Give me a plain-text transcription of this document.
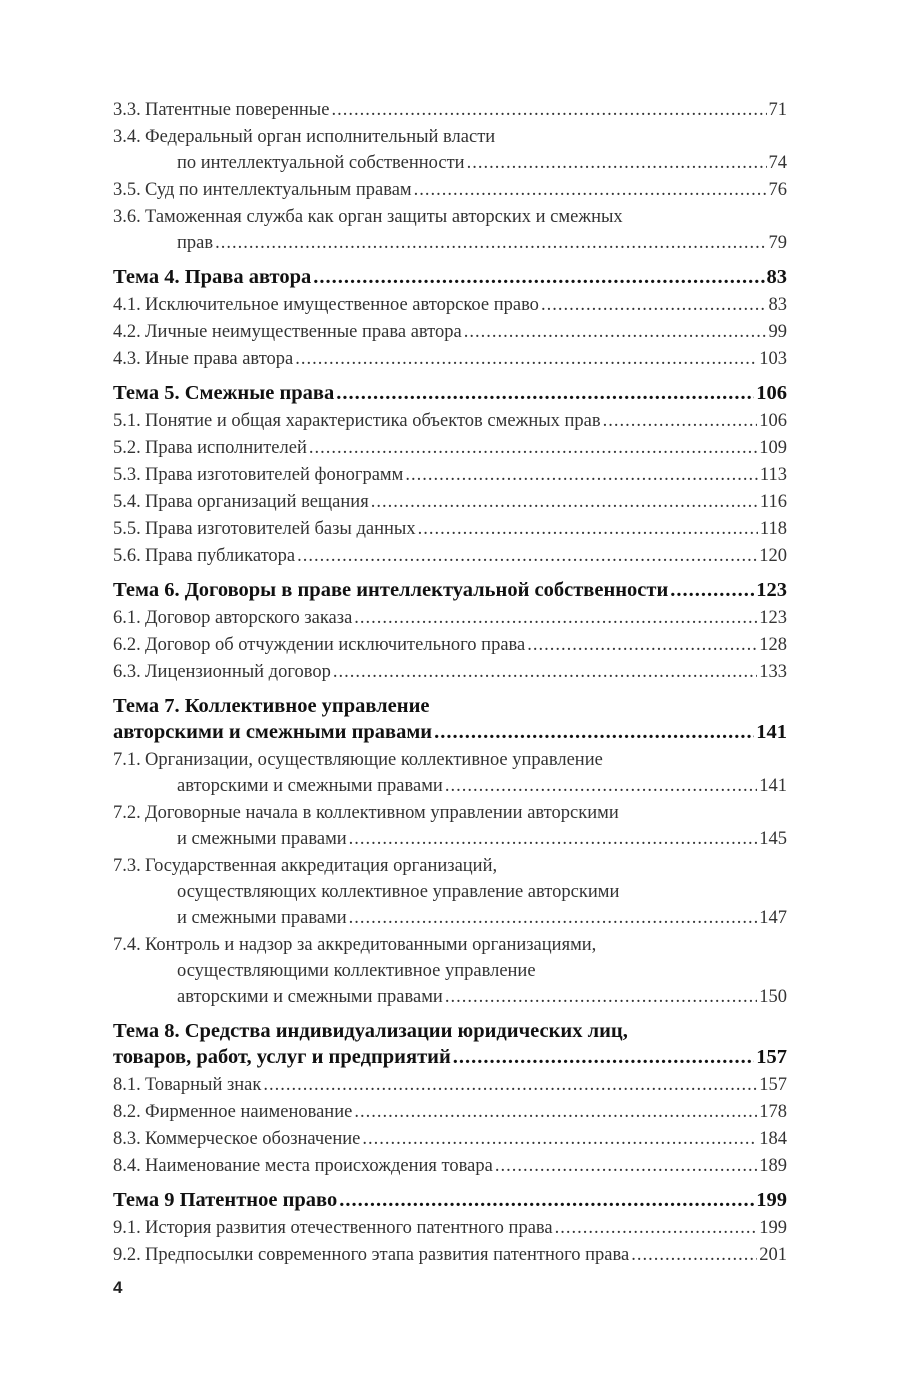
3.3. Патентные поверенные .....	71
3.4. Федеральный орган исполнительный власти
по интеллектуальной собственности .....	74
3.5. Суд по интеллектуальным правам .....	76
3.6. Таможенная служба как орган защиты авторских и смежных
прав .....	79
Тема 4. Права автора .....	83
4.1. Исключительное имущественное авторское право .....	83
4.2. Личные неимущественные права автора .....	99
4.3. Иные права автора .....	103
Тема 5. Смежные права .....	106
5.1. Понятие и общая характеристика объектов смежных прав .....	106
5.2. Права исполнителей .....	109
5.3. Права изготовителей фонограмм .....	113
5.4. Права организаций вещания .....	116
5.5. Права изготовителей базы данных .....	118
5.6. Права публикатора .....	120
Тема 6. Договоры в праве интеллектуальной собственности .....	123
6.1. Договор авторского заказа .....	123
6.2. Договор об отчуждении исключительного права .....	128
6.3. Лицензионный договор .....	133
Тема 7. Коллективное управление
авторскими и смежными правами .....	141
7.1. Организации, осуществляющие коллективное управление
авторскими и смежными правами .....	141
7.2. Договорные начала в коллективном управлении авторскими
и смежными правами .....	145
7.3. Государственная аккредитация организаций,
осуществляющих коллективное управление авторскими
и смежными правами .....	147
7.4. Контроль и надзор за аккредитованными организациями,
осуществляющими коллективное управление
авторскими и смежными правами .....	150
Тема 8. Средства индивидуализации юридических лиц,
товаров, работ, услуг и предприятий .....	157
8.1. Товарный знак .....	157
8.2. Фирменное наименование .....	178
8.3. Коммерческое обозначение .....	184
8.4. Наименование места происхождения товара .....	189
Тема 9 Патентное право .....	199
9.1. История развития отечественного патентного права .....	199
9.2. Предпосылки современного этапа развития патентного права .....	201
4
